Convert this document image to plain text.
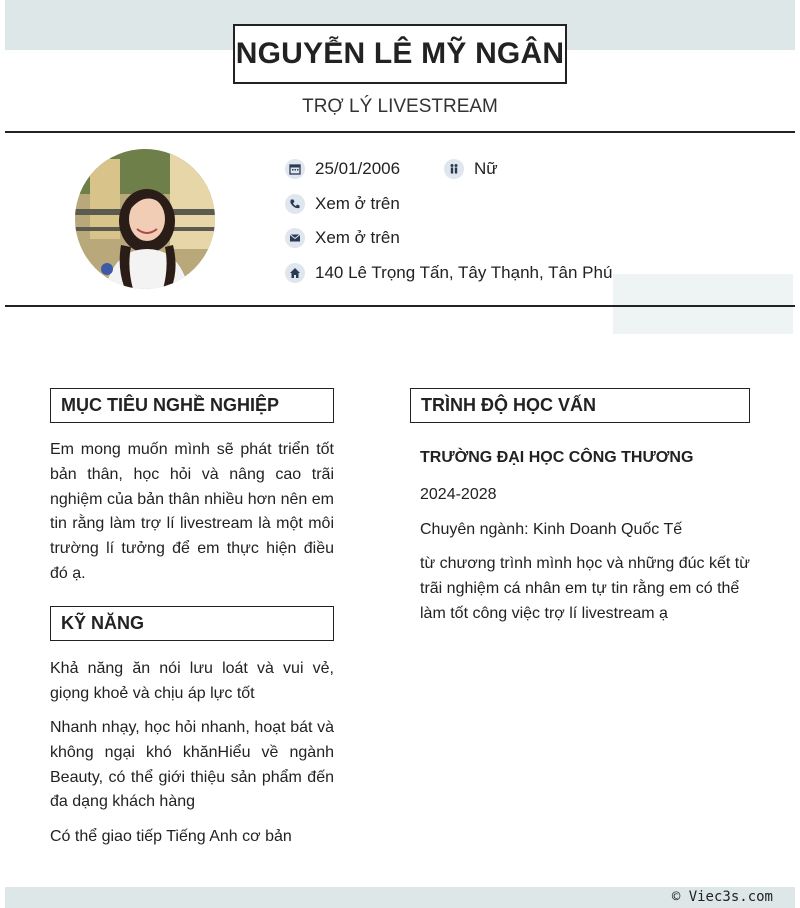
NGUYỄN LÊ MỸ NGÂN
TRỢ LÝ LIVESTREAM
25/01/2006	Nữ
Xem ở trên
Xem ở trên
140 Lê Trọng Tấn, Tây Thạnh, Tân Phú
MỤC TIÊU NGHỀ NGHIỆP

Em mong muốn mình sẽ phát triển tốt bản thân, học hỏi và nâng cao trãi nghiệm của bản thân nhiều hơn nên em tin rằng làm trợ lí livestream là một môi trường lí tưởng để em thực hiện điều đó ạ.

KỸ NĂNG

Khả năng ăn nói lưu loát và vui vẻ, giọng khoẻ và chịu áp lực tốt

Nhanh nhạy, học hỏi nhanh, hoạt bát và không ngại khó khănHiểu về ngành Beauty, có thể giới thiệu sản phẩm đến đa dạng khách hàng

Có thể giao tiếp Tiếng Anh cơ bản

TRÌNH ĐỘ HỌC VẤN

TRƯỜNG ĐẠI HỌC CÔNG THƯƠNG

2024-2028

Chuyên ngành: Kinh Doanh Quốc Tế

từ chương trình mình học và những đúc kết từ trãi nghiệm cá nhân em tự tin rằng em có thể làm tốt công việc trợ lí livestream ạ

© Viec3s.com
